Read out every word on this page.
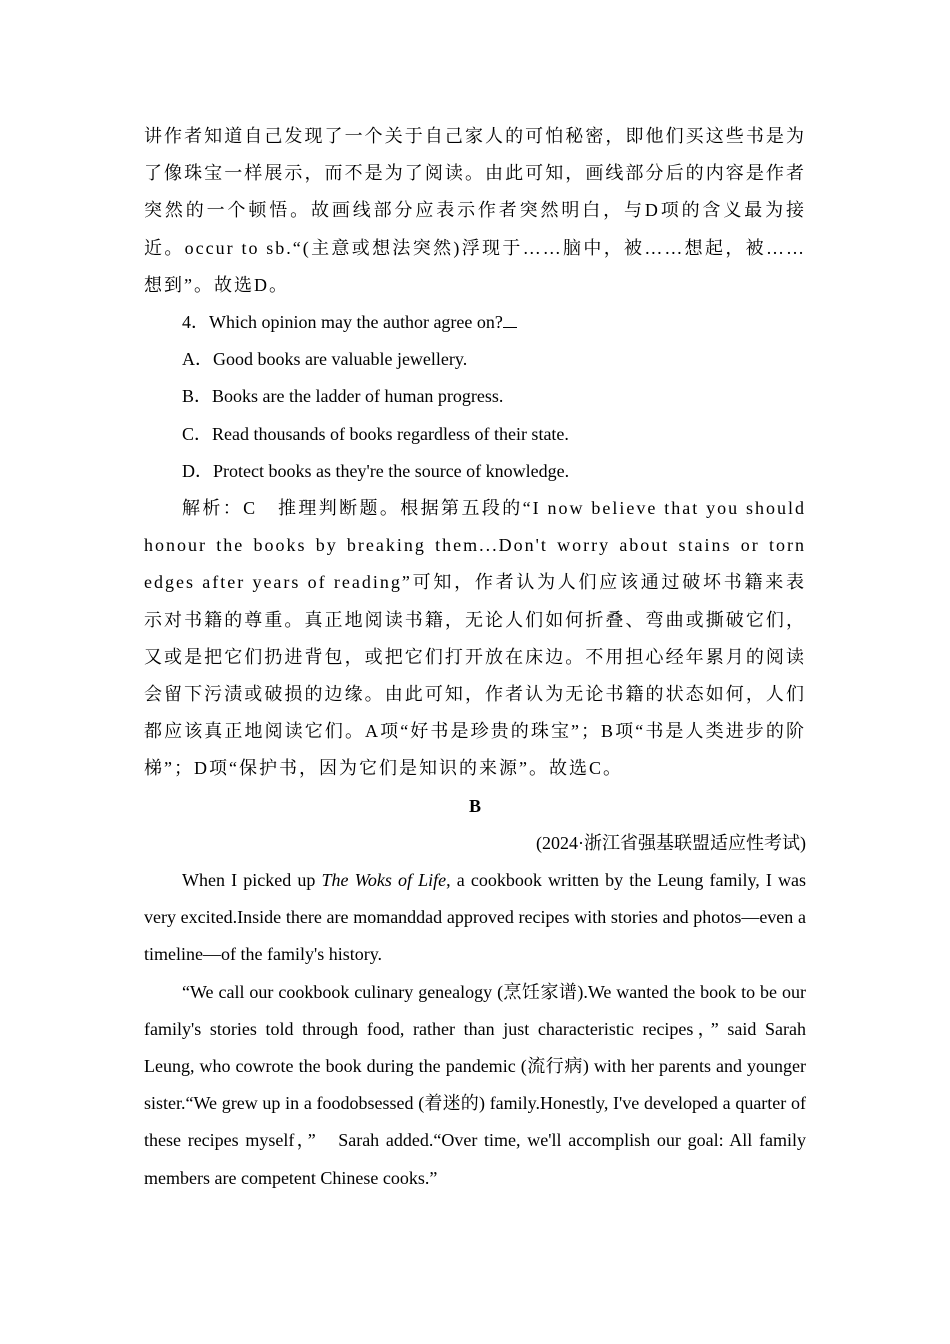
讲作者知道自己发现了一个关于自己家人的可怕秘密，即他们买这些书是为了像珠宝一样展示，而不是为了阅读。由此可知，画线部分后的内容是作者突然的一个顿悟。故画线部分应表示作者突然明白，与D项的含义最为接近。occur to sb.“(主意或想法突然)浮现于……脑中，被……想起，被……想到”。故选D。

4．Which opinion may the author agree on?

A．Good books are valuable jewellery.

B．Books are the ladder of human progress.

C．Read thousands of books regardless of their state.

D．Protect books as they're the source of knowledge.

解析：C　推理判断题。根据第五段的“I now believe that you should honour the books by breaking them...Don't worry about stains or torn edges after years of reading”可知，作者认为人们应该通过破坏书籍来表示对书籍的尊重。真正地阅读书籍，无论人们如何折叠、弯曲或撕破它们，又或是把它们扔进背包，或把它们打开放在床边。不用担心经年累月的阅读会留下污渍或破损的边缘。由此可知，作者认为无论书籍的状态如何，人们都应该真正地阅读它们。A项“好书是珍贵的珠宝”；B项“书是人类进步的阶梯”；D项“保护书，因为它们是知识的来源”。故选C。

B

(2024·浙江省强基联盟适应性考试)

When I picked up The Woks of Life, a cookbook written by the Leung family, I was very excited.Inside there are momanddad approved recipes with stories and photos—even a timeline—of the family's history.

“We call our cookbook culinary genealogy (烹饪家谱).We wanted the book to be our family's stories told through food, rather than just characteristic recipes，” said Sarah Leung, who cowrote the book during the pandemic (流行病) with her parents and younger sister.“We grew up in a foodobsessed (着迷的) family.Honestly, I've developed a quarter of these recipes myself，”　Sarah added.“Over time, we'll accomplish our goal: All family members are competent Chinese cooks.”
